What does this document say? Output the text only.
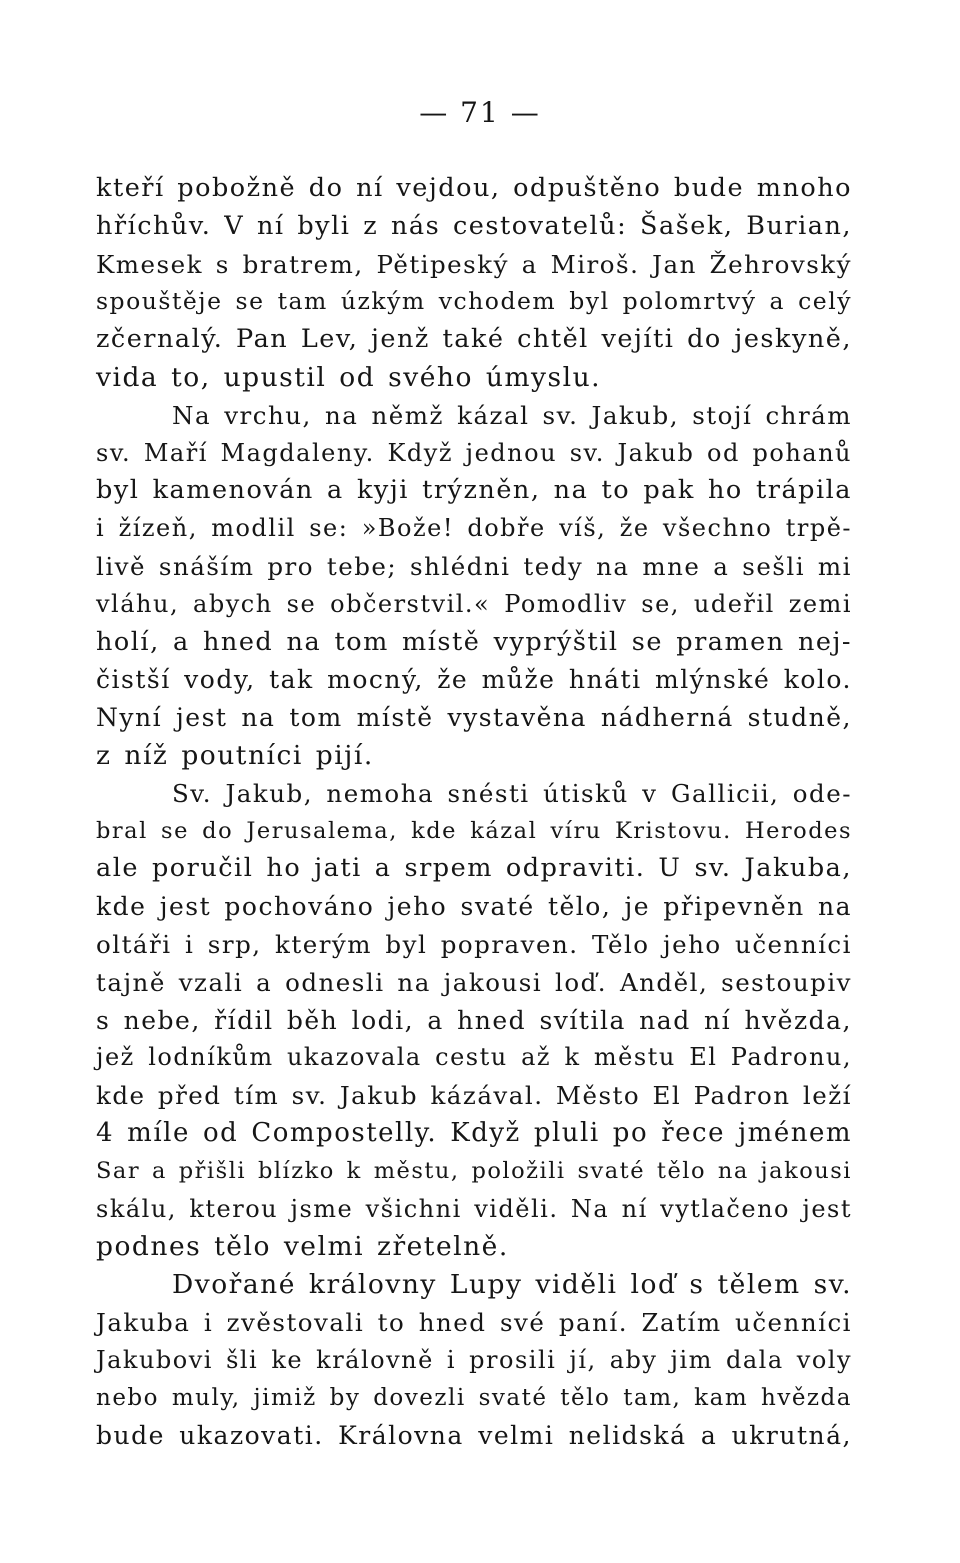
— 71 —
kteří pobožně do ní vejdou, odpuštěno bude mnoho
hříchův. V ní byli z nás cestovatelů: Šašek, Burian,
Kmesek s bratrem, Pětipeský a Miroš. Jan Žehrovský
spouštěje se tam úzkým vchodem byl polomrtvý a celý
zčernalý. Pan Lev, jenž také chtěl vejíti do jeskyně,
vida to, upustil od svého úmyslu.
Na vrchu, na němž kázal sv. Jakub, stojí chrám
sv. Maří Magdaleny. Když jednou sv. Jakub od pohanů
byl kamenován a kyji trýzněn, na to pak ho trápila
i žízeň, modlil se: »Bože! dobře víš, že všechno trpě-
livě snáším pro tebe; shlédni tedy na mne a sešli mi
vláhu, abych se občerstvil.« Pomodliv se, udeřil zemi
holí, a hned na tom místě vyprýštil se pramen nej-
čistší vody, tak mocný, že může hnáti mlýnské kolo.
Nyní jest na tom místě vystavěna nádherná studně,
z níž poutníci pijí.
Sv. Jakub, nemoha snésti útisků v Gallicii, ode-
bral se do Jerusalema, kde kázal víru Kristovu. Herodes
ale poručil ho jati a srpem odpraviti. U sv. Jakuba,
kde jest pochováno jeho svaté tělo, je připevněn na
oltáři i srp, kterým byl popraven. Tělo jeho učenníci
tajně vzali a odnesli na jakousi loď. Anděl, sestoupiv
s nebe, řídil běh lodi, a hned svítila nad ní hvězda,
jež lodníkům ukazovala cestu až k městu El Padronu,
kde před tím sv. Jakub kázával. Město El Padron leží
4 míle od Compostelly. Když pluli po řece jménem
Sar a přišli blízko k městu, položili svaté tělo na jakousi
skálu, kterou jsme všichni viděli. Na ní vytlačeno jest
podnes tělo velmi zřetelně.
Dvořané královny Lupy viděli loď s tělem sv.
Jakuba i zvěstovali to hned své paní. Zatím učenníci
Jakubovi šli ke královně i prosili jí, aby jim dala voly
nebo muly, jimiž by dovezli svaté tělo tam, kam hvězda
bude ukazovati. Královna velmi nelidská a ukrutná,
